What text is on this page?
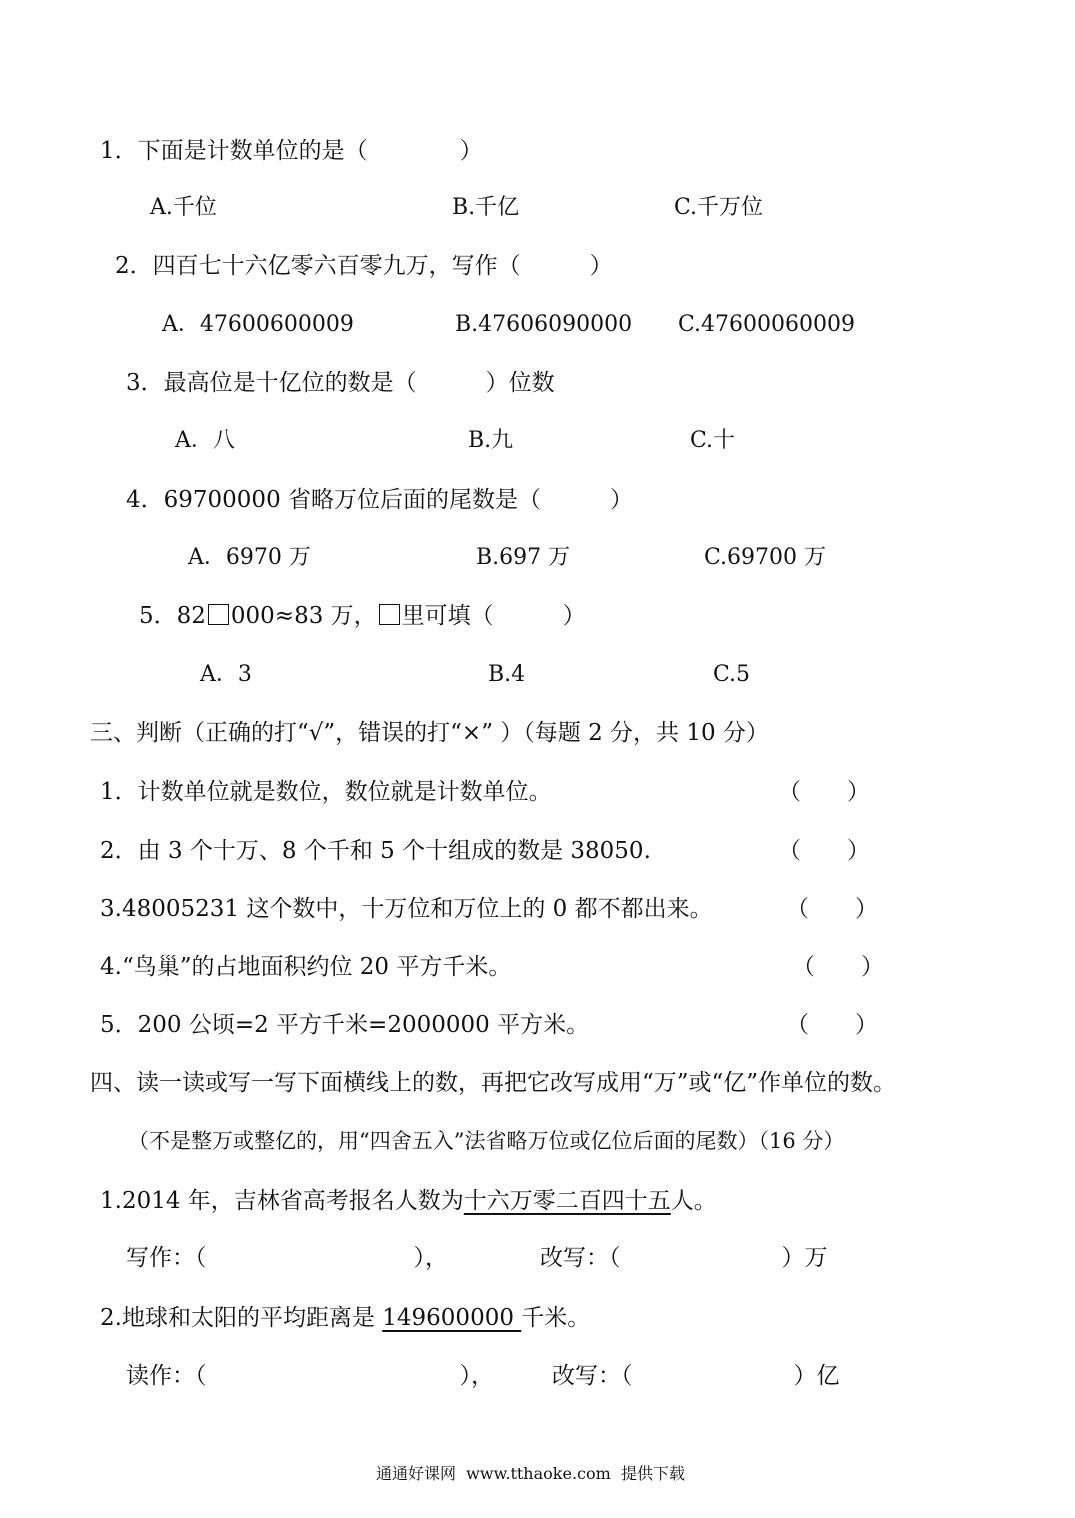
1．下面是计数单位的是（　　　　）
A.千位	B.千亿	C.千万位
2．四百七十六亿零六百零九万，写作（　　　）
A．47600600009	B.47606090000 C.47600060009
3．最高位是十亿位的数是（　　　）位数
A．八	B.九	C.十
4．69700000 省略万位后面的尾数是（　　　）
A．6970 万	B.697 万	C.69700 万
5．82 000≈83 万， 里可填（　　　）
A．3	B.4	C.5
三、判断（正确的打“√”，错误的打“×” ）（每题 2 分，共 10 分）
1．计数单位就是数位，数位就是计数单位。	（　　）
2．由 3 个十万、8 个千和 5 个十组成的数是 38050.	（　　）
3.48005231 这个数中，十万位和万位上的 0 都不都出来。	（　　）
4.“鸟巢”的占地面积约位 20 平方千米。	（　　）
5．200 公顷=2 平方千米=2000000 平方米。	（　　）
四、读一读或写一写下面横线上的数，再把它改写成用“万”或“亿”作单位的数。
（不是整万或整亿的，用“四舍五入”法省略万位或亿位后面的尾数）（16 分）
1.2014 年，吉林省高考报名人数为十六万零二百四十五人。
写作：（　　　　　　　　　），	改写：（　　　　　　　）万
2.地球和太阳的平均距离是 149600000 千米。
读作：（　　　　　　　　　　　），	改写：（　　　　　　　）亿
通通好课网  www.tthaoke.com  提供下载
